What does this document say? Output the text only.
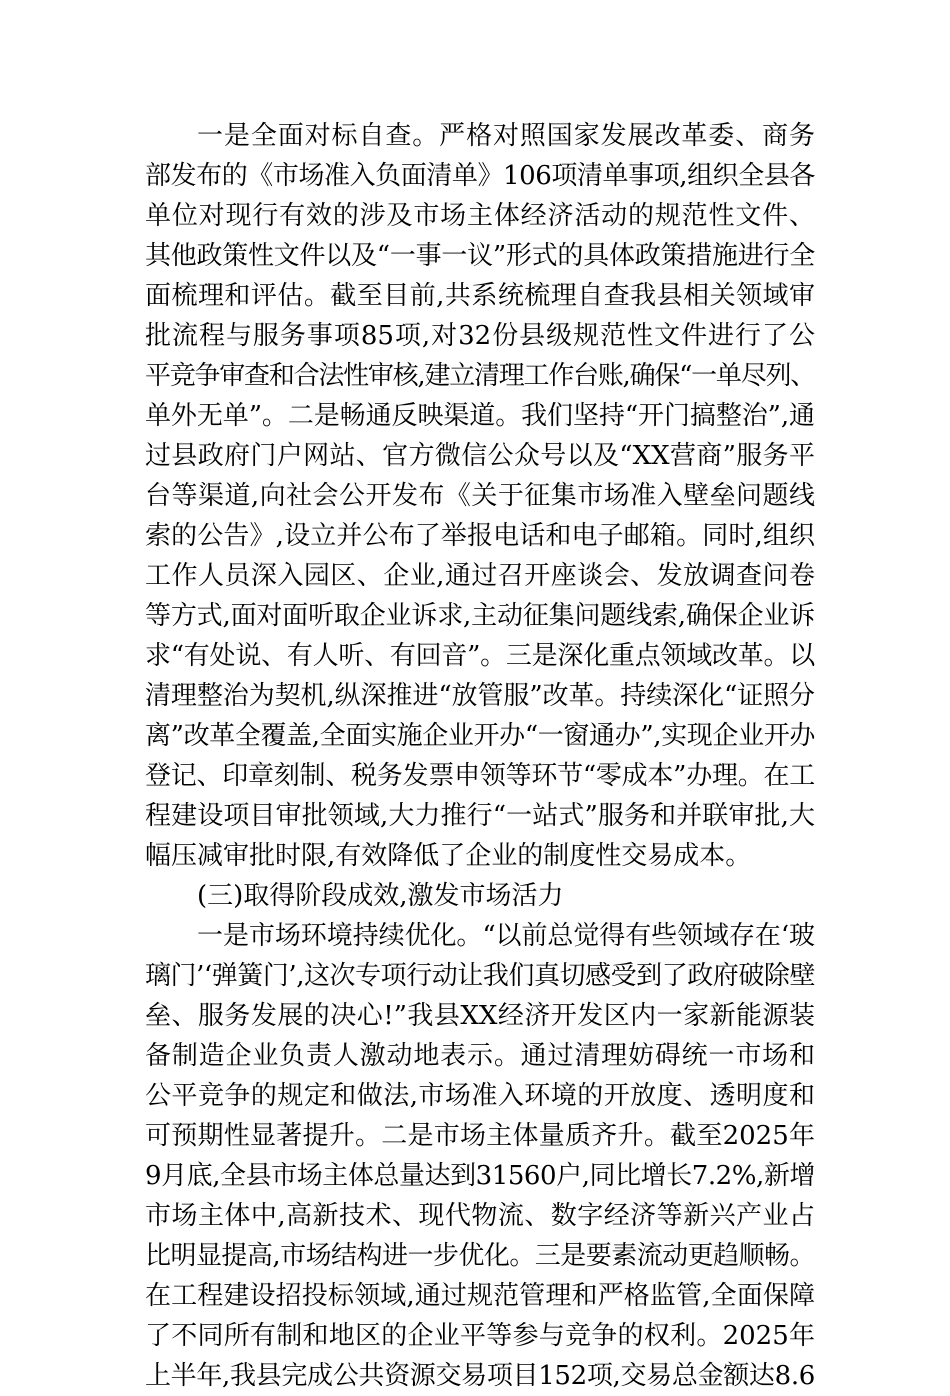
一是全面对标自查。严格对照国家发展改革委、商务
部发布的《市场准入负面清单》106项清单事项,组织全县各
单位对现行有效的涉及市场主体经济活动的规范性文件、
其他政策性文件以及“一事一议”形式的具体政策措施进行全
面梳理和评估。截至目前,共系统梳理自查我县相关领域审
批流程与服务事项85项,对32份县级规范性文件进行了公
平竞争审查和合法性审核,建立清理工作台账,确保“一单尽列、
单外无单”。二是畅通反映渠道。我们坚持“开门搞整治”,通
过县政府门户网站、官方微信公众号以及“XX营商”服务平
台等渠道,向社会公开发布《关于征集市场准入壁垒问题线
索的公告》,设立并公布了举报电话和电子邮箱。同时,组织
工作人员深入园区、企业,通过召开座谈会、发放调查问卷
等方式,面对面听取企业诉求,主动征集问题线索,确保企业诉
求“有处说、有人听、有回音”。三是深化重点领域改革。以
清理整治为契机,纵深推进“放管服”改革。持续深化“证照分
离”改革全覆盖,全面实施企业开办“一窗通办”,实现企业开办
登记、印章刻制、税务发票申领等环节“零成本”办理。在工
程建设项目审批领域,大力推行“一站式”服务和并联审批,大
幅压减审批时限,有效降低了企业的制度性交易成本。
(三)取得阶段成效,激发市场活力
一是市场环境持续优化。“以前总觉得有些领域存在‘玻
璃门’‘弹簧门’,这次专项行动让我们真切感受到了政府破除壁
垒、服务发展的决心!”我县XX经济开发区内一家新能源装
备制造企业负责人激动地表示。通过清理妨碍统一市场和
公平竞争的规定和做法,市场准入环境的开放度、透明度和
可预期性显著提升。二是市场主体量质齐升。截至2025年
9月底,全县市场主体总量达到31560户,同比增长7.2%,新增
市场主体中,高新技术、现代物流、数字经济等新兴产业占
比明显提高,市场结构进一步优化。三是要素流动更趋顺畅。
在工程建设招投标领域,通过规范管理和严格监管,全面保障
了不同所有制和地区的企业平等参与竞争的权利。2025年
上半年,我县完成公共资源交易项目152项,交易总金额达8.6
